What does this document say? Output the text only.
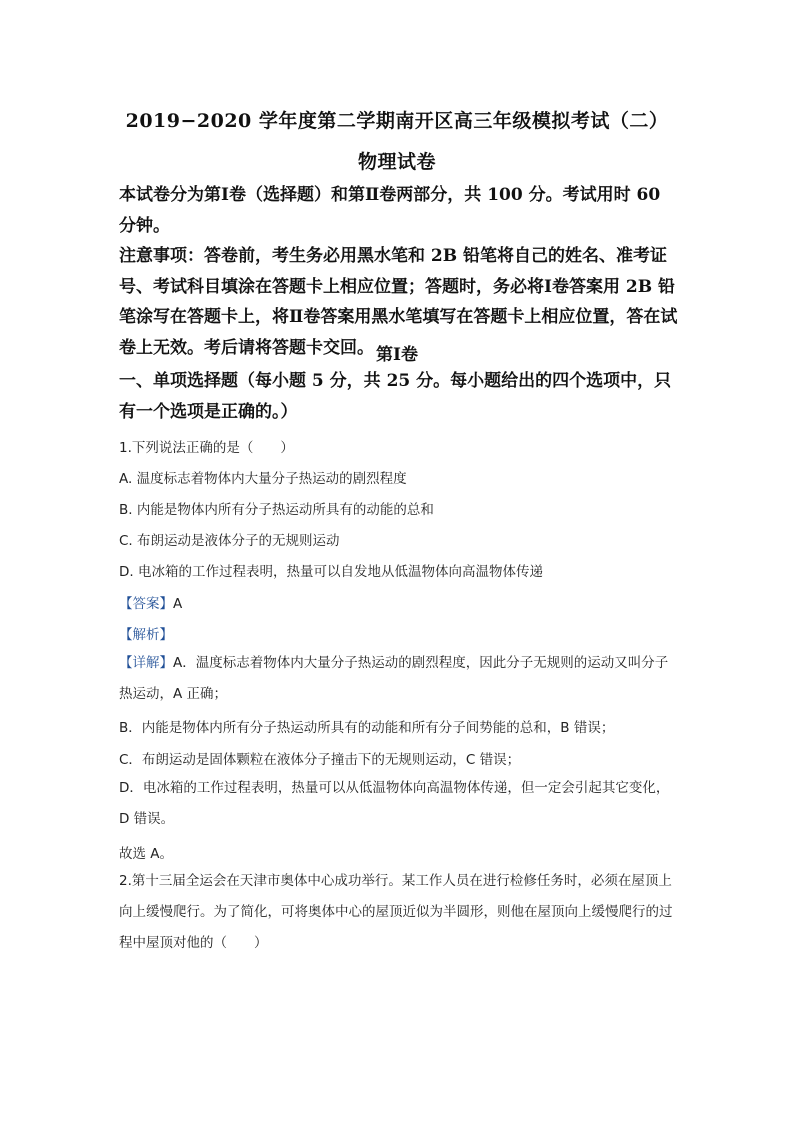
2019−2020 学年度第二学期南开区高三年级模拟考试（二）
物理试卷
本试卷分为第Ⅰ卷（选择题）和第Ⅱ卷两部分，共 100 分。考试用时 60 分钟。
注意事项：答卷前，考生务必用黑水笔和 2B 铅笔将自己的姓名、准考证号、考试科目填涂在答题卡上相应位置；答题时，务必将Ⅰ卷答案用 2B 铅笔涂写在答题卡上，将Ⅱ卷答案用黑水笔填写在答题卡上相应位置，答在试卷上无效。考后请将答题卡交回。 第Ⅰ卷
一、单项选择题（每小题 5 分，共 25 分。每小题给出的四个选项中，只有一个选项是正确的。）
1.下列说法正确的是（　　）
A. 温度标志着物体内大量分子热运动的剧烈程度
B. 内能是物体内所有分子热运动所具有的动能的总和
C. 布朗运动是液体分子的无规则运动
D. 电冰箱的工作过程表明，热量可以自发地从低温物体向高温物体传递
【答案】A
【解析】
【详解】A．温度标志着物体内大量分子热运动的剧烈程度，因此分子无规则的运动又叫分子热运动，A 正确；
B．内能是物体内所有分子热运动所具有的动能和所有分子间势能的总和，B 错误；
C．布朗运动是固体颗粒在液体分子撞击下的无规则运动，C 错误；
D．电冰箱的工作过程表明，热量可以从低温物体向高温物体传递，但一定会引起其它变化，D 错误。
故选 A。
2.第十三届全运会在天津市奥体中心成功举行。某工作人员在进行检修任务时，必须在屋顶上向上缓慢爬行。为了简化，可将奥体中心的屋顶近似为半圆形，则他在屋顶向上缓慢爬行的过程中屋顶对他的（　　）
